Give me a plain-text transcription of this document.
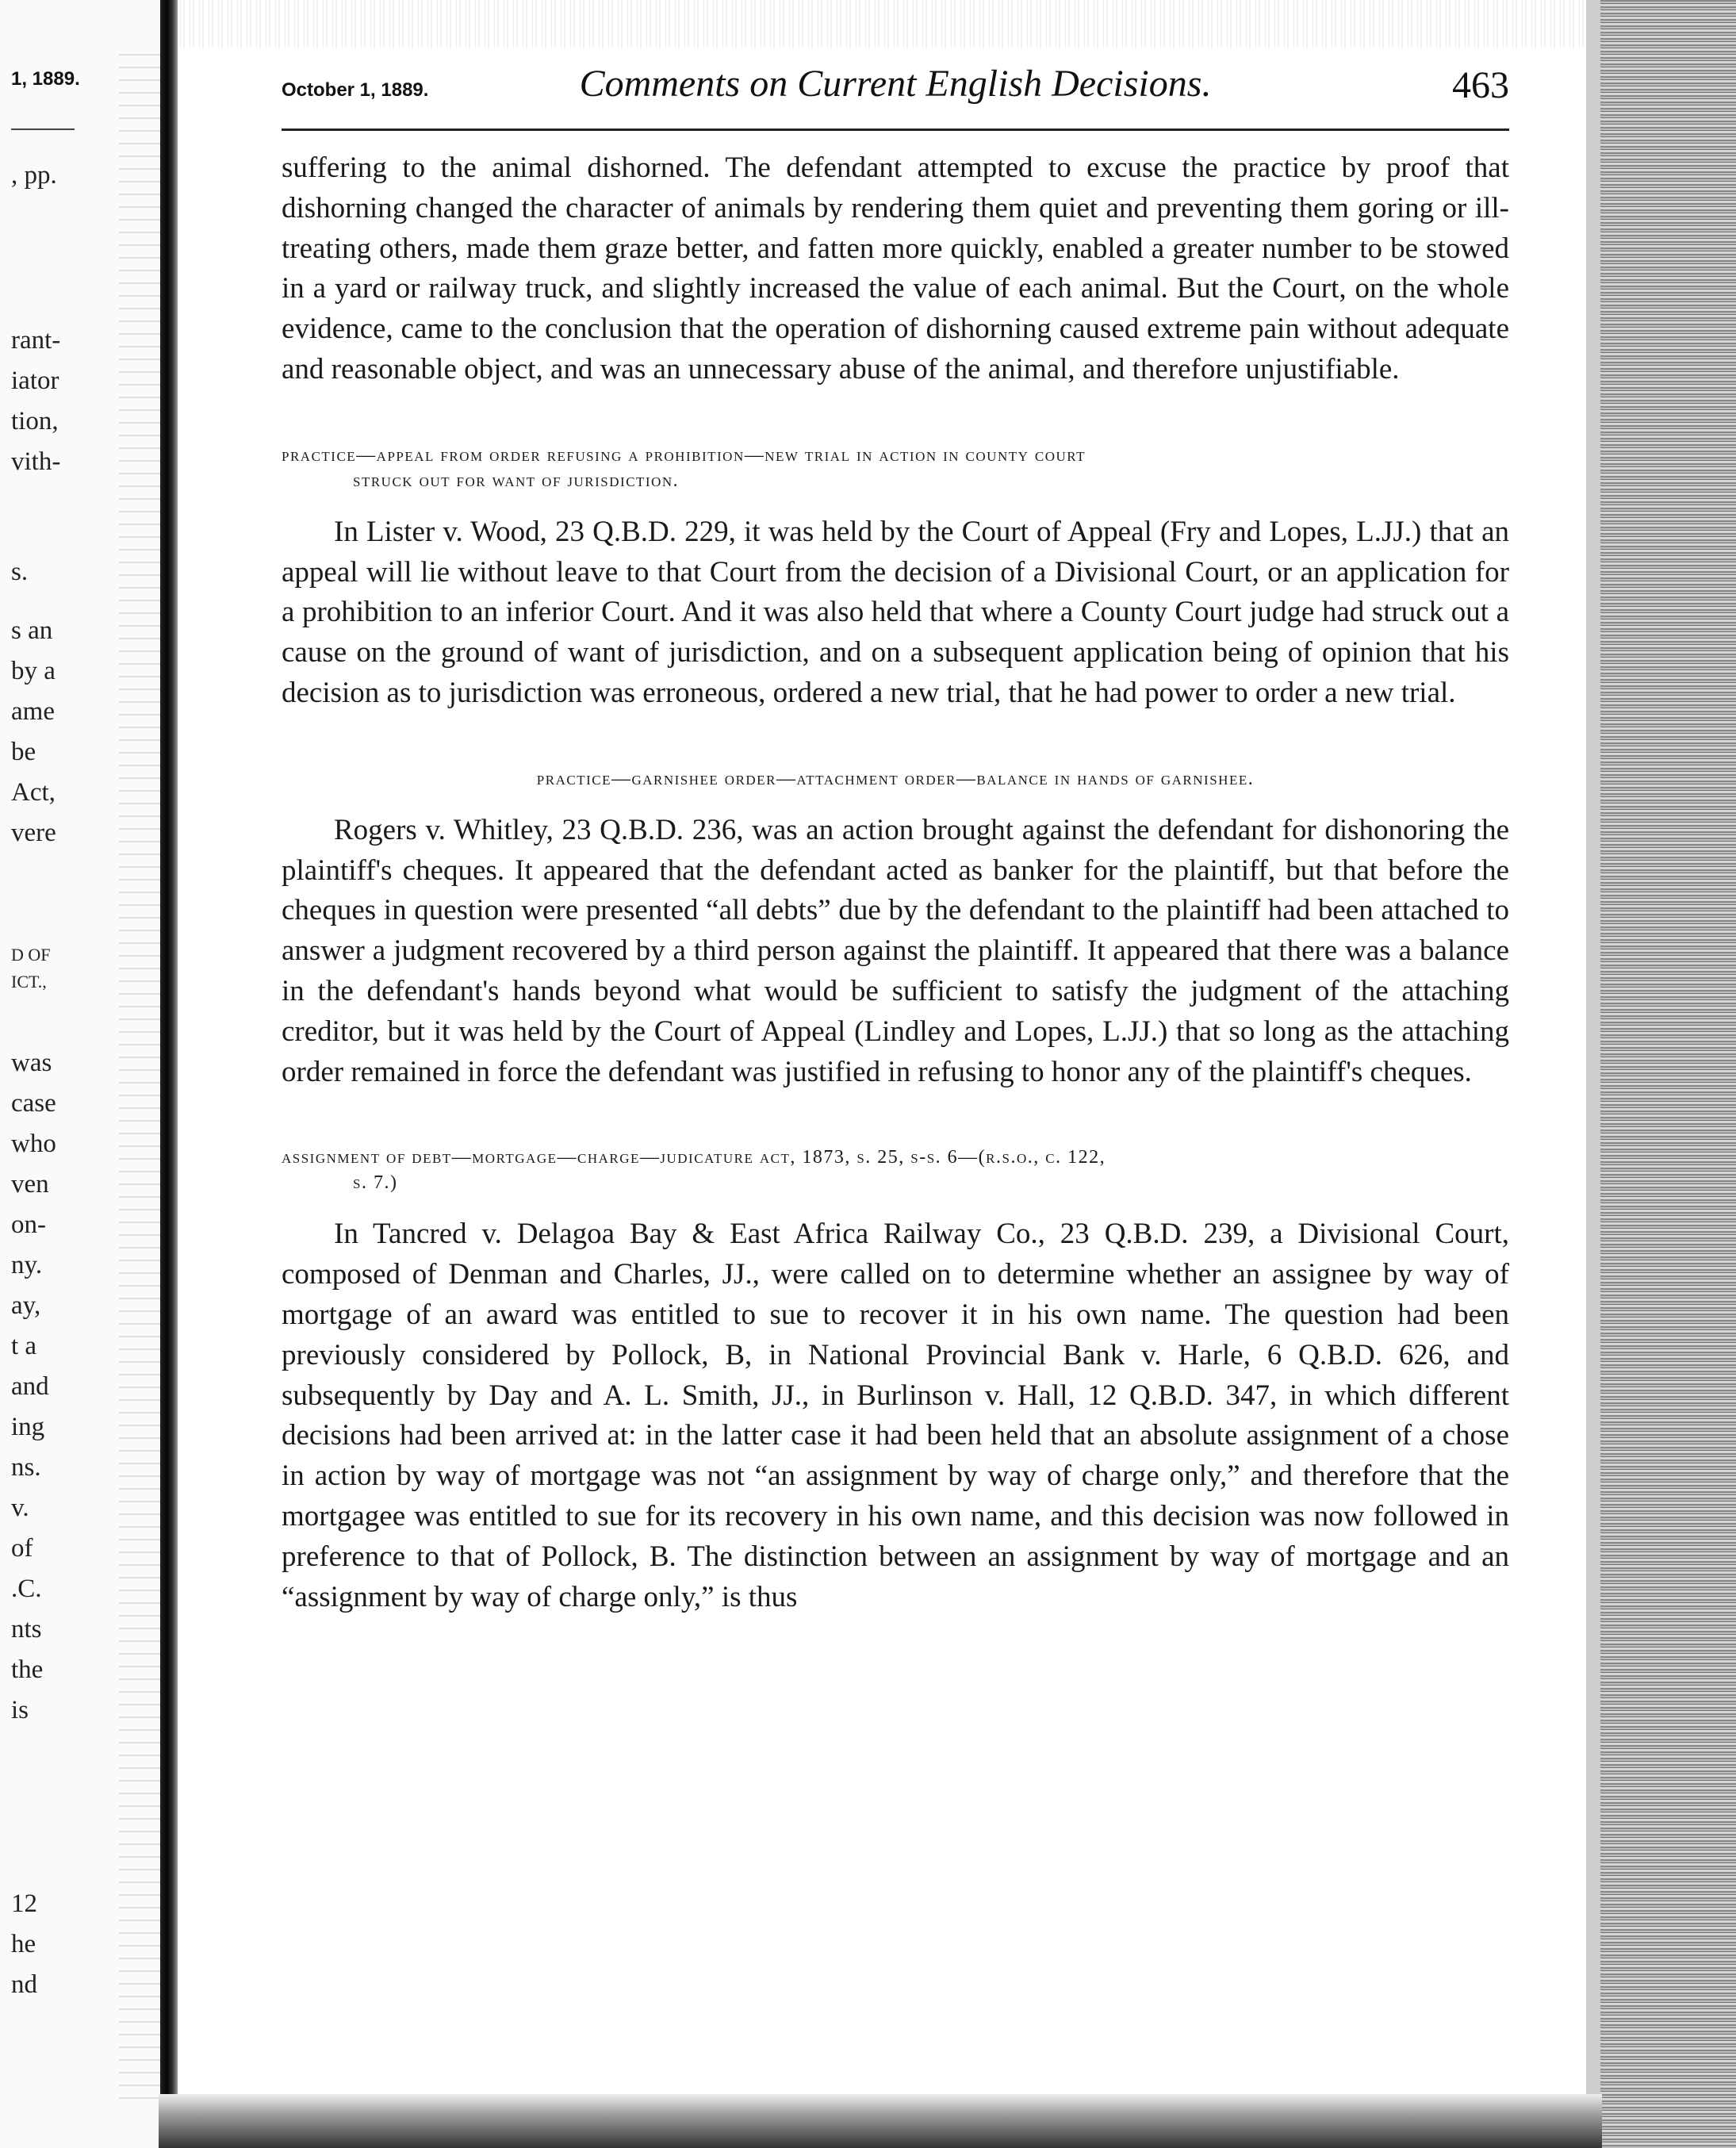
1, 1889.
, pp.
rant-
iator
tion,
vith-
s.
s an
by a
ame
be
Act,
vere
D OF
ICT.,
was
case
who
ven
on-
ny.
ay,
t a
and
ing
ns.
v.
of
.C.
nts
the
is
12
he
nd
October 1, 1889.	Comments on Current English Decisions.	463

suffering to the animal dishorned. The defendant attempted to excuse the practice by proof that dishorning changed the character of animals by rendering them quiet and preventing them goring or ill-treating others, made them graze better, and fatten more quickly, enabled a greater number to be stowed in a yard or railway truck, and slightly increased the value of each animal. But the Court, on the whole evidence, came to the conclusion that the operation of dishorning caused extreme pain without adequate and reasonable object, and was an unnecessary abuse of the animal, and therefore unjustifiable.

practice—appeal from order refusing a prohibition—new trial in action in county court
struck out for want of jurisdiction.

In Lister v. Wood, 23 Q.B.D. 229, it was held by the Court of Appeal (Fry and Lopes, L.JJ.) that an appeal will lie without leave to that Court from the decision of a Divisional Court, or an application for a prohibition to an inferior Court. And it was also held that where a County Court judge had struck out a cause on the ground of want of jurisdiction, and on a subsequent application being of opinion that his decision as to jurisdiction was erroneous, ordered a new trial, that he had power to order a new trial.

practice—garnishee order—attachment order—balance in hands of garnishee.

Rogers v. Whitley, 23 Q.B.D. 236, was an action brought against the defendant for dishonoring the plaintiff's cheques. It appeared that the defendant acted as banker for the plaintiff, but that before the cheques in question were presented “all debts” due by the defendant to the plaintiff had been attached to answer a judgment recovered by a third person against the plaintiff. It appeared that there was a balance in the defendant's hands beyond what would be sufficient to satisfy the judgment of the attaching creditor, but it was held by the Court of Appeal (Lindley and Lopes, L.JJ.) that so long as the attaching order remained in force the defendant was justified in refusing to honor any of the plaintiff's cheques.

assignment of debt—mortgage—charge—judicature act, 1873, s. 25, s-s. 6—(r.s.o., c. 122,
s. 7.)

In Tancred v. Delagoa Bay & East Africa Railway Co., 23 Q.B.D. 239, a Divisional Court, composed of Denman and Charles, JJ., were called on to determine whether an assignee by way of mortgage of an award was entitled to sue to recover it in his own name. The question had been previously considered by Pollock, B, in National Provincial Bank v. Harle, 6 Q.B.D. 626, and subsequently by Day and A. L. Smith, JJ., in Burlinson v. Hall, 12 Q.B.D. 347, in which different decisions had been arrived at: in the latter case it had been held that an absolute assignment of a chose in action by way of mortgage was not “an assignment by way of charge only,” and therefore that the mortgagee was entitled to sue for its recovery in his own name, and this decision was now followed in preference to that of Pollock, B. The distinction between an assignment by way of mortgage and an “assignment by way of charge only,” is thus
